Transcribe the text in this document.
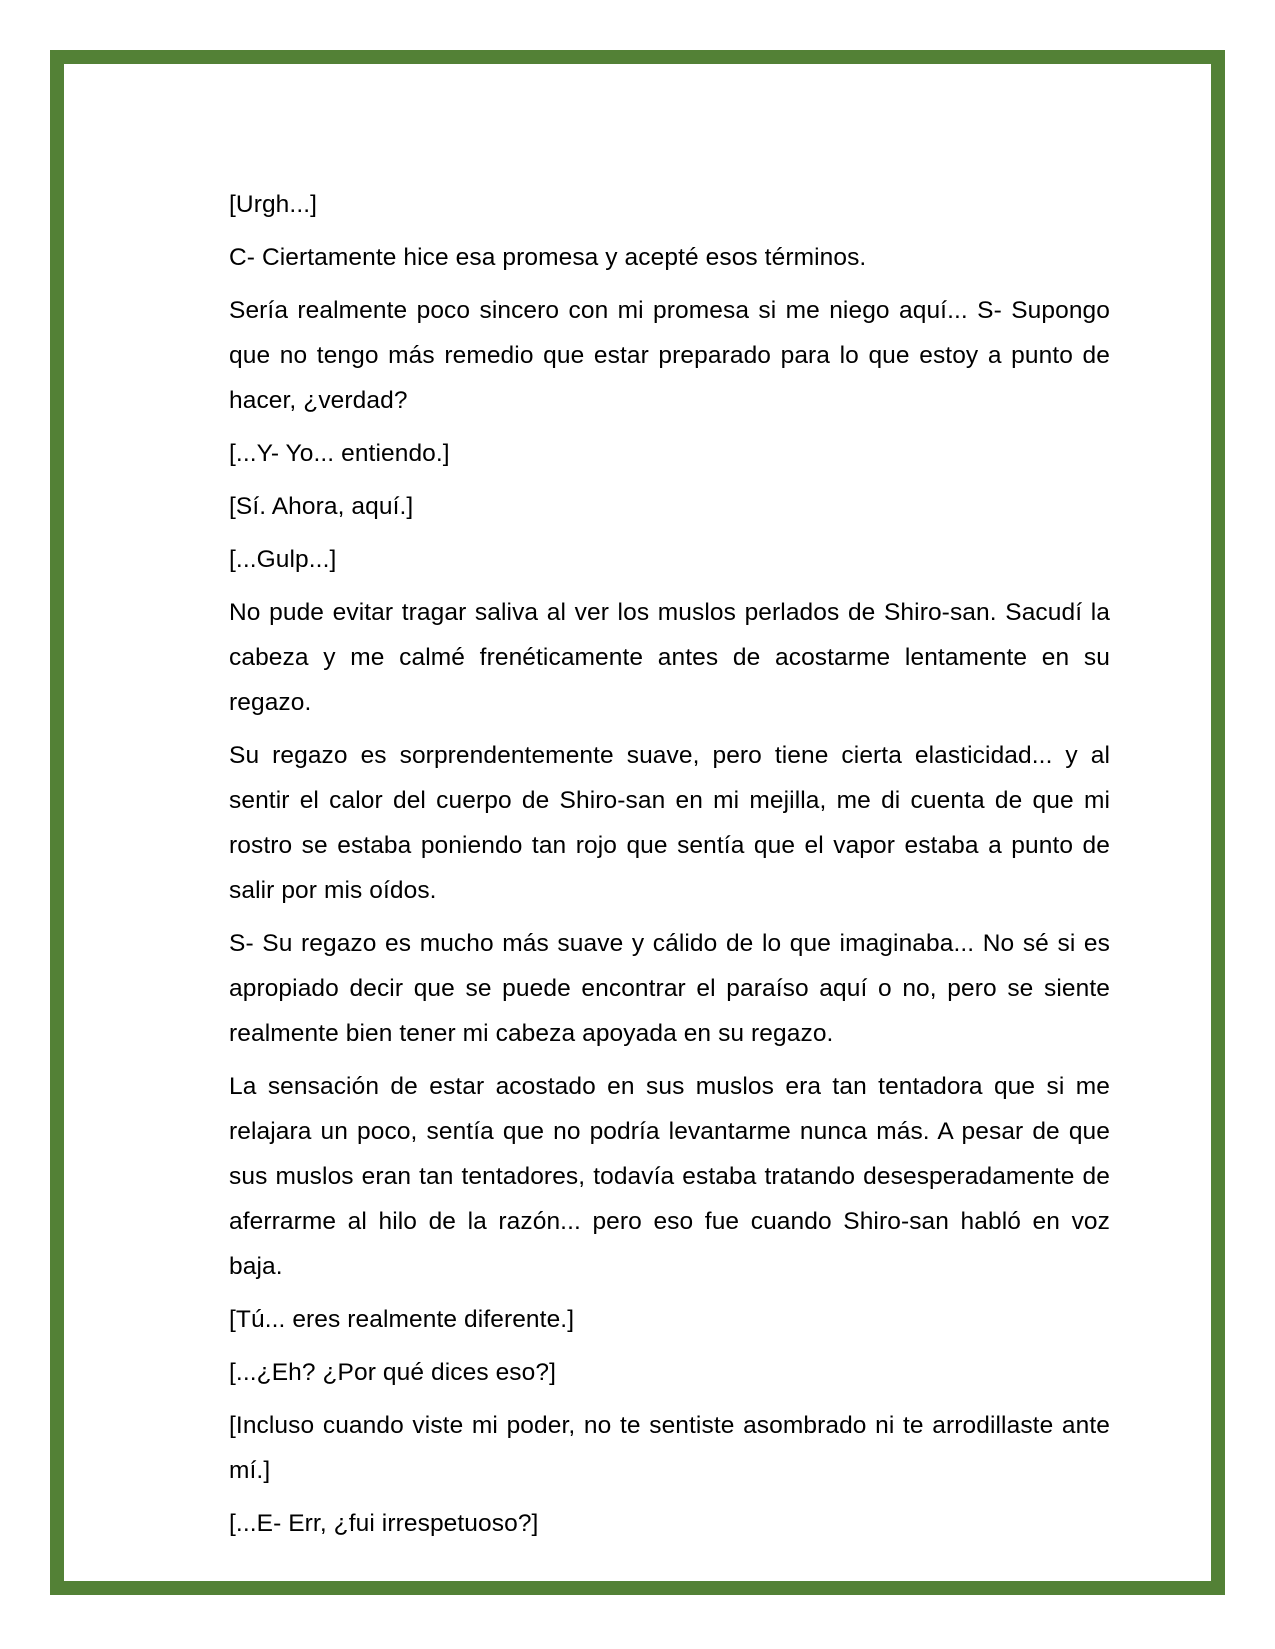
[Urgh...]

C- Ciertamente hice esa promesa y acepté esos términos.

Sería realmente poco sincero con mi promesa si me niego aquí... S- Supongo que no tengo más remedio que estar preparado para lo que estoy a punto de hacer, ¿verdad?

[...Y- Yo... entiendo.]

[Sí. Ahora, aquí.]

[...Gulp...]

No pude evitar tragar saliva al ver los muslos perlados de Shiro-san. Sacudí la cabeza y me calmé frenéticamente antes de acostarme lentamente en su regazo.

Su regazo es sorprendentemente suave, pero tiene cierta elasticidad... y al sentir el calor del cuerpo de Shiro-san en mi mejilla, me di cuenta de que mi rostro se estaba poniendo tan rojo que sentía que el vapor estaba a punto de salir por mis oídos.

S- Su regazo es mucho más suave y cálido de lo que imaginaba... No sé si es apropiado decir que se puede encontrar el paraíso aquí o no, pero se siente realmente bien tener mi cabeza apoyada en su regazo.

La sensación de estar acostado en sus muslos era tan tentadora que si me relajara un poco, sentía que no podría levantarme nunca más. A pesar de que sus muslos eran tan tentadores, todavía estaba tratando desesperadamente de aferrarme al hilo de la razón... pero eso fue cuando Shiro-san habló en voz baja.

[Tú... eres realmente diferente.]

[...¿Eh? ¿Por qué dices eso?]

[Incluso cuando viste mi poder, no te sentiste asombrado ni te arrodillaste ante mí.]

[...E- Err, ¿fui irrespetuoso?]
